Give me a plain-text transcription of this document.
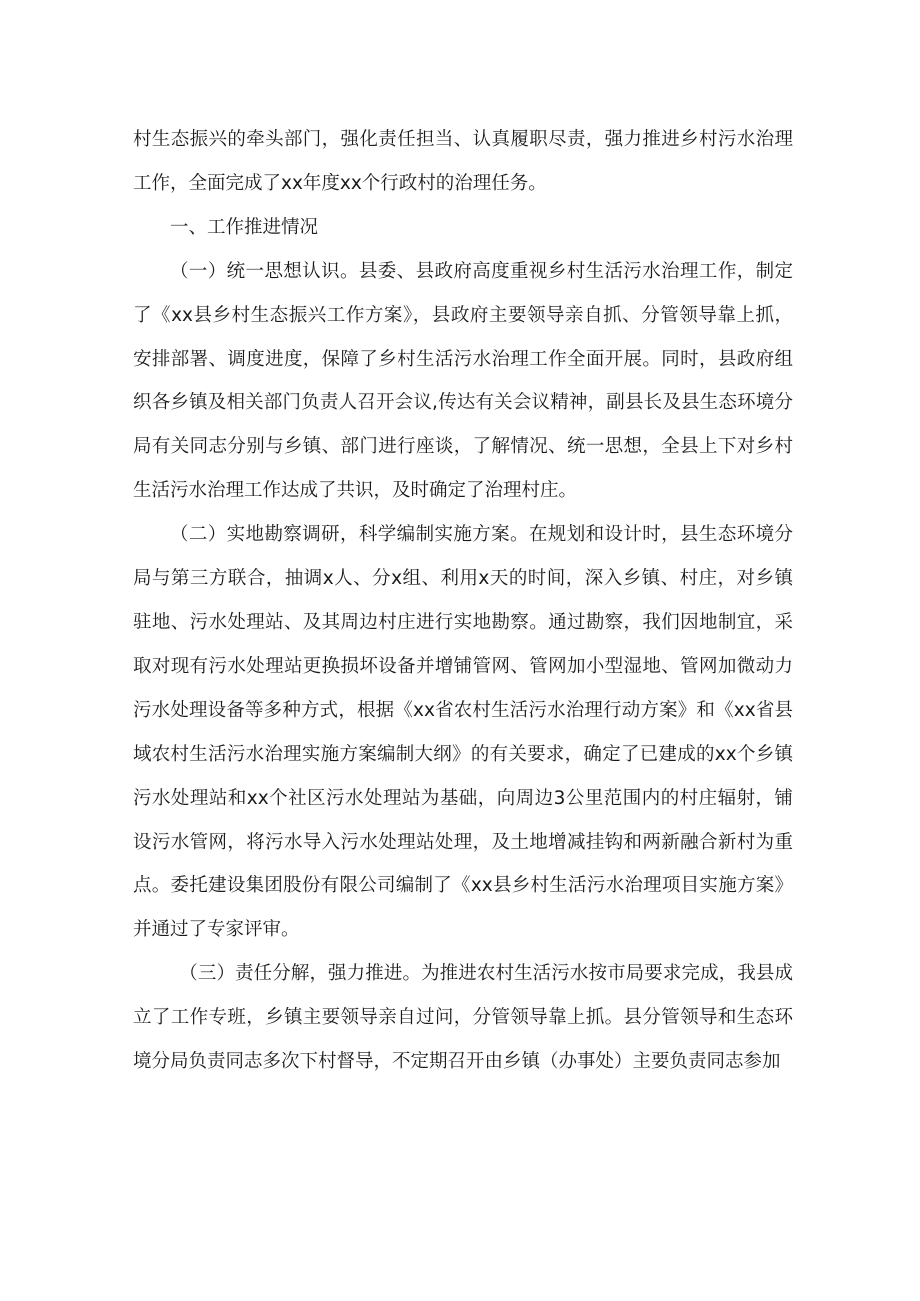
村生态振兴的牵头部门，强化责任担当、认真履职尽责，强力推进乡村污水治理工作，全面完成了xx年度xx个行政村的治理任务。

一、工作推进情况

（一）统一思想认识。县委、县政府高度重视乡村生活污水治理工作，制定了《xx县乡村生态振兴工作方案》，县政府主要领导亲自抓、分管领导靠上抓，安排部署、调度进度，保障了乡村生活污水治理工作全面开展。同时，县政府组织各乡镇及相关部门负责人召开会议,传达有关会议精神，副县长及县生态环境分局有关同志分别与乡镇、部门进行座谈，了解情况、统一思想，全县上下对乡村生活污水治理工作达成了共识，及时确定了治理村庄。

（二）实地勘察调研，科学编制实施方案。在规划和设计时，县生态环境分局与第三方联合，抽调x人、分x组、利用x天的时间，深入乡镇、村庄，对乡镇驻地、污水处理站、及其周边村庄进行实地勘察。通过勘察，我们因地制宜，采取对现有污水处理站更换损坏设备并增铺管网、管网加小型湿地、管网加微动力污水处理设备等多种方式，根据《xx省农村生活污水治理行动方案》和《xx省县域农村生活污水治理实施方案编制大纲》的有关要求，确定了已建成的xx个乡镇污水处理站和xx个社区污水处理站为基础，向周边3公里范围内的村庄辐射，铺设污水管网，将污水导入污水处理站处理，及土地增减挂钩和两新融合新村为重点。委托建设集团股份有限公司编制了《xx县乡村生活污水治理项目实施方案》并通过了专家评审。

（三）责任分解，强力推进。为推进农村生活污水按市局要求完成，我县成立了工作专班，乡镇主要领导亲自过问，分管领导靠上抓。县分管领导和生态环境分局负责同志多次下村督导，不定期召开由乡镇（办事处）主要负责同志参加
